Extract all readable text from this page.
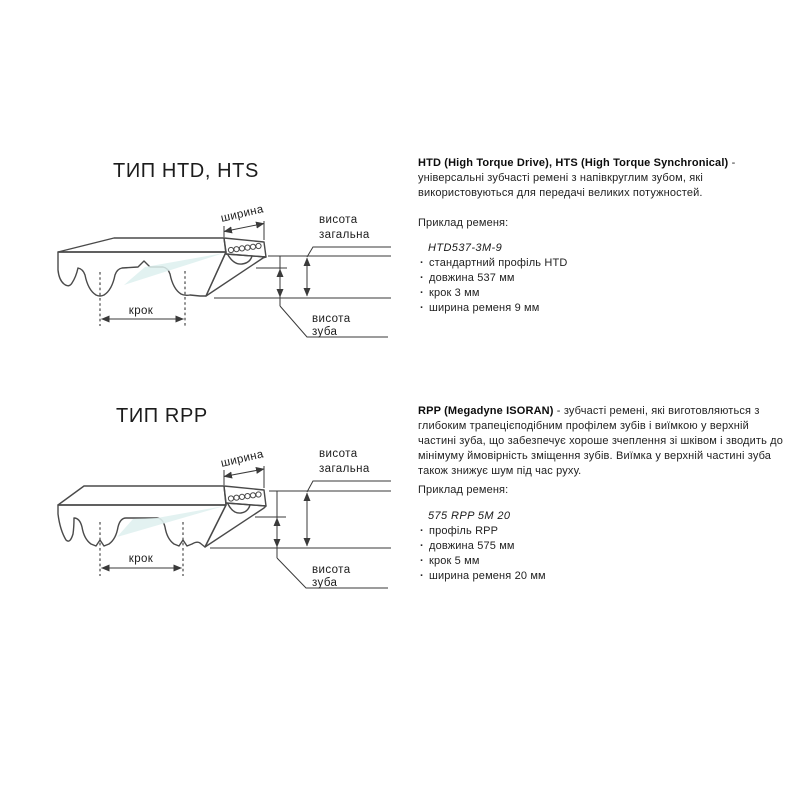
ТИП HTD, HTS
ширина	висота
загальна
висота
зуба
крок
HTD (High Torque Drive), HTS (High Torque Synchronical) - універсальні зубчасті ремені з напівкруглим зубом, які використовуються для передачі великих потужностей.
Приклад ременя:
HTD537-3M-9
· стандартний профіль HTD
· довжина 537 мм
· крок 3 мм
· ширина ременя 9 мм
ТИП RPP
ширина	висота
загальна
висота
зуба
крок
RPP (Megadyne ISORAN) - зубчасті ремені, які виготовляються з глибоким трапецієподібним профілем зубів і виїмкою у верхній частині зуба, що забезпечує хороше зчеплення зі шківом і зводить до мінімуму ймовірність зміщення зубів. Виїмка у верхній частині зуба також знижує шум під час руху.
Приклад ременя:
575 RPP 5M 20
· профіль RPP
· довжина 575 мм
· крок 5 мм
· ширина ременя 20 мм
